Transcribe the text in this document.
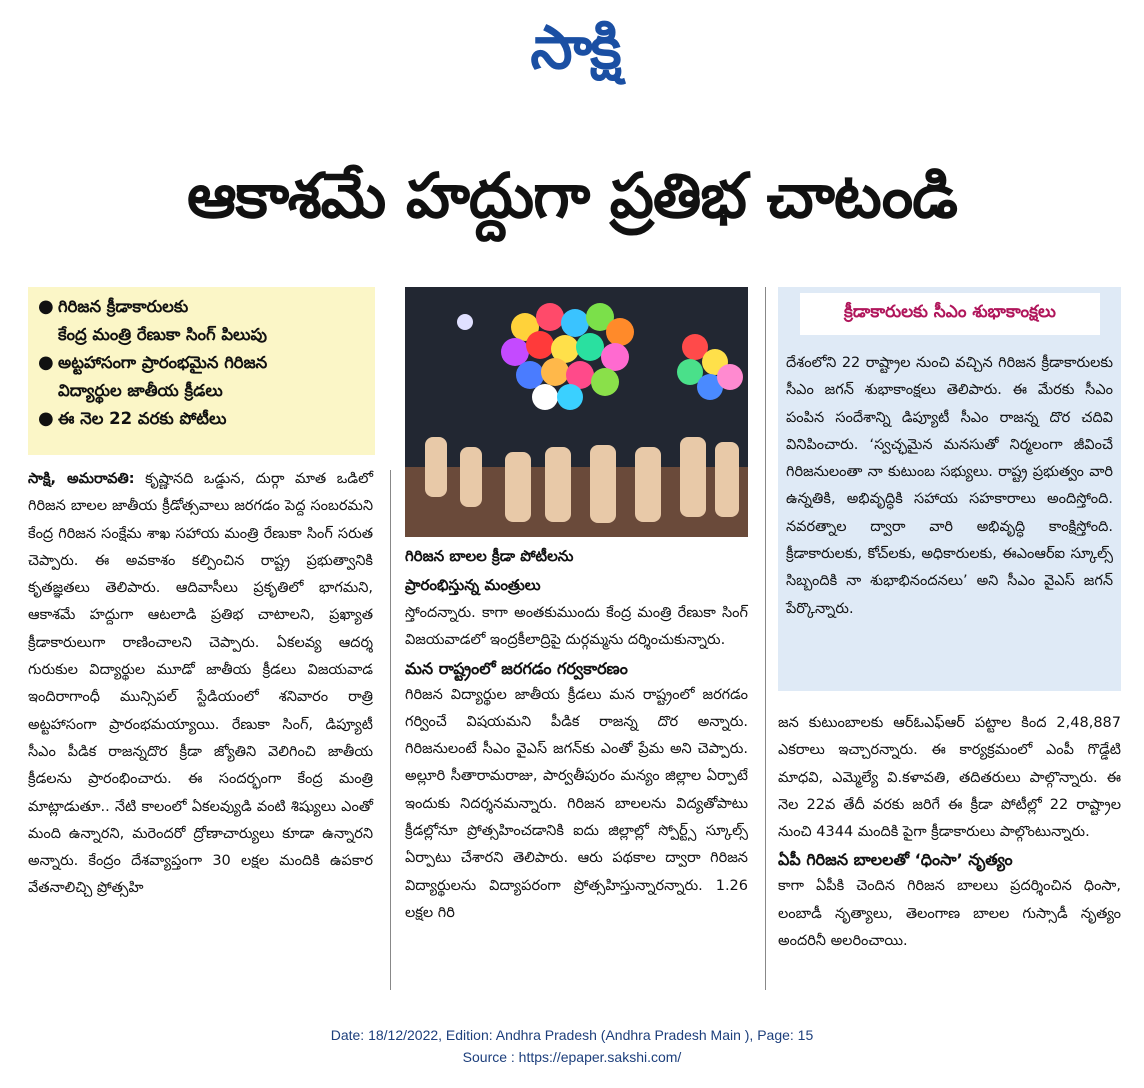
సాక్షి
ఆకాశమే హద్దుగా ప్రతిభ చాటండి
● గిరిజన క్రీడాకారులకు
కేంద్ర మంత్రి రేణుకా సింగ్ పిలుపు
● అట్టహాసంగా ప్రారంభమైన గిరిజన
విద్యార్థుల జాతీయ క్రీడలు
● ఈ నెల 22 వరకు పోటీలు

సాక్షి, అమరావతి: కృష్ణానది ఒడ్డున, దుర్గా మాత ఒడిలో గిరిజన బాలల జాతీయ క్రీడోత్సవాలు జరగడం పెద్ద సంబరమని కేంద్ర గిరిజన సంక్షేమ శాఖ సహాయ మంత్రి రేణుకా సింగ్ సరుత చెప్పారు. ఈ అవకాశం కల్పించిన రాష్ట్ర ప్రభుత్వానికి కృతజ్ఞతలు తెలిపారు. ఆదివాసీలు ప్రకృతిలో భాగమని, ఆకాశమే హద్దుగా ఆటలాడి ప్రతిభ చాటాలని, ప్రఖ్యాత క్రీడాకారులుగా రాణించాలని చెప్పారు. ఏకలవ్య ఆదర్శ గురుకుల విద్యార్థుల మూడో జాతీయ క్రీడలు విజయవాడ ఇందిరాగాంధీ మున్సిపల్ స్టేడియంలో శనివారం రాత్రి అట్టహాసంగా ప్రారంభమయ్యాయి. రేణుకా సింగ్, డిప్యూటీ సీఎం పీడిక రాజన్నదొర క్రీడా జ్యోతిని వెలిగించి జాతీయ క్రీడలను ప్రారంభించారు. ఈ సందర్భంగా కేంద్ర మంత్రి మాట్లాడుతూ.. నేటి కాలంలో ఏకలవ్యుడి వంటి శిష్యులు ఎంతో మంది ఉన్నారని, మరెందరో ద్రోణాచార్యులు కూడా ఉన్నారని అన్నారు. కేంద్రం దేశవ్యాప్తంగా 30 లక్షల మందికి ఉపకార వేతనాలిచ్చి ప్రోత్సహి

గిరిజన బాలల క్రీడా పోటీలను
ప్రారంభిస్తున్న మంత్రులు

స్తోందన్నారు. కాగా అంతకుముందు కేంద్ర మంత్రి రేణుకా సింగ్ విజయవాడలో ఇంద్రకీలాద్రిపై దుర్గమ్మను దర్శించుకున్నారు.

మన రాష్ట్రంలో జరగడం గర్వకారణం

గిరిజన విద్యార్థుల జాతీయ క్రీడలు మన రాష్ట్రంలో జరగడం గర్వించే విషయమని పీడిక రాజన్న దొర అన్నారు. గిరిజనులంటే సీఎం వైఎస్ జగన్‌కు ఎంతో ప్రేమ అని చెప్పారు. అల్లూరి సీతారామరాజు, పార్వతీపురం మన్యం జిల్లాల ఏర్పాటే ఇందుకు నిదర్శనమన్నారు. గిరిజన బాలలను విద్యతోపాటు క్రీడల్లోనూ ప్రోత్సహించడానికి ఐదు జిల్లాల్లో స్పోర్ట్స్ స్కూల్స్ ఏర్పాటు చేశారని తెలిపారు. ఆరు పథకాల ద్వారా గిరిజన విద్యార్థులను విద్యాపరంగా ప్రోత్సహిస్తున్నారన్నారు. 1.26 లక్షల గిరి

క్రీడాకారులకు సీఎం శుభాకాంక్షలు
దేశంలోని 22 రాష్ట్రాల నుంచి వచ్చిన గిరిజన క్రీడాకారులకు సీఎం జగన్ శుభాకాంక్షలు తెలిపారు. ఈ మేరకు సీఎం పంపిన సందేశాన్ని డిప్యూటీ సీఎం రాజన్న దొర చదివి వినిపించారు. ‘స్వచ్ఛమైన మనసుతో నిర్మలంగా జీవించే గిరిజనులంతా నా కుటుంబ సభ్యులు. రాష్ట్ర ప్రభుత్వం వారి ఉన్నతికి, అభివృద్ధికి సహాయ సహకారాలు అందిస్తోంది. నవరత్నాల ద్వారా వారి అభివృద్ధి కాంక్షిస్తోంది. క్రీడాకారులకు, కోచ్‌లకు, అధికారులకు, ఈఎంఆర్ఐ స్కూల్స్ సిబ్బందికి నా శుభాభినందనలు’ అని సీఎం వైఎస్ జగన్ పేర్కొన్నారు.

జన కుటుంబాలకు ఆర్‌ఓఎఫ్‌ఆర్ పట్టాల కింద 2,48,887 ఎకరాలు ఇచ్చారన్నారు. ఈ కార్యక్రమంలో ఎంపీ గొడ్డేటి మాధవి, ఎమ్మెల్యే వి.కళావతి, తదితరులు పాల్గొన్నారు. ఈ నెల 22వ తేదీ వరకు జరిగే ఈ క్రీడా పోటీల్లో 22 రాష్ట్రాల నుంచి 4344 మందికి పైగా క్రీడాకారులు పాల్గొంటున్నారు.

ఏపీ గిరిజన బాలలతో ‘ధింసా’ నృత్యం

కాగా ఏపీకి చెందిన గిరిజన బాలలు ప్రదర్శించిన ధింసా, లంబాడీ నృత్యాలు, తెలంగాణ బాలల గుస్సాడీ నృత్యం అందరినీ అలరించాయి.

Date: 18/12/2022, Edition: Andhra Pradesh (Andhra Pradesh Main ), Page: 15
Source : https://epaper.sakshi.com/
